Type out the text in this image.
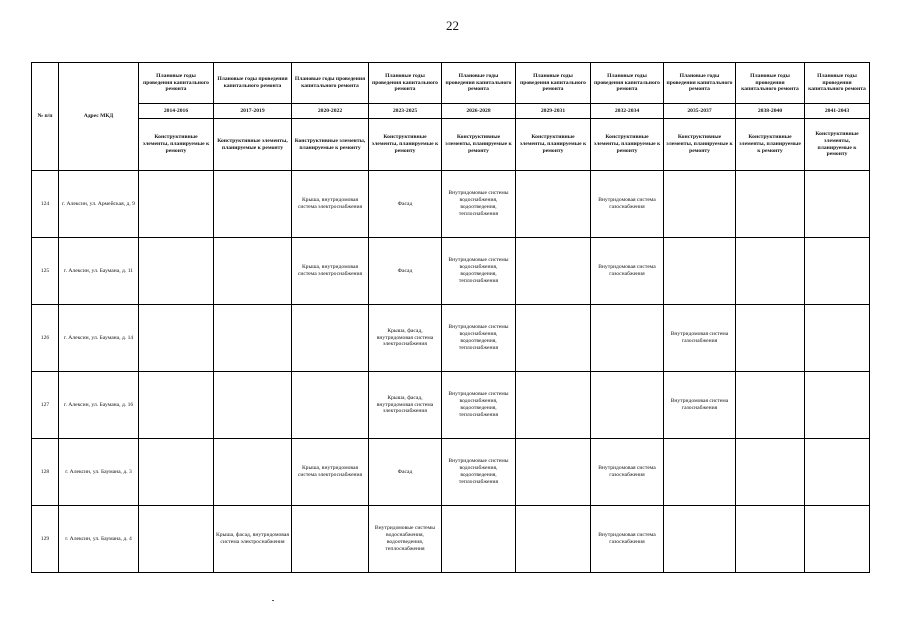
22
№ п/п	Адрес МКД	Плановые годы проведения капитального ремонта	Плановые годы проведения капитального ремонта	Плановые годы проведения капитального ремонта	Плановые годы проведения капитального ремонта	Плановые годы проведения капитального ремонта	Плановые годы проведения капитального ремонта	Плановые годы проведения капитального ремонта	Плановые годы проведения капитального ремонта	Плановые годы проведения капитального ремонта	Плановые годы проведения капитального ремонта
		2014-2016	2017-2019	2020-2022	2023-2025	2026-2028	2029-2031	2032-2034	2035-2037	2038-2040	2041-2043
		Конструктивные элементы, планируемые к ремонту	Конструктивные элементы, планируемые к ремонту	Конструктивные элементы, планируемые к ремонту	Конструктивные элементы, планируемые к ремонту	Конструктивные элементы, планируемые к ремонту	Конструктивные элементы, планируемые к ремонту	Конструктивные элементы, планируемые к ремонту	Конструктивные элементы, планируемые к ремонту	Конструктивные элементы, планируемые к ремонту	Конструктивные элементы, планируемые к ремонту
124	г. Алексин, ул. Армейская, д. 9			Крыша, внутридомовая система электроснабжения	Фасад	Внутридомовые системы водоснабжения, водоотведения, теплоснабжения		Внутридомовая система газоснабжения			
125	г. Алексин, ул. Баумана, д. 11			Крыша, внутридомовая система электроснабжения	Фасад	Внутридомовые системы водоснабжения, водоотведения, теплоснабжения		Внутридомовая система газоснабжения			
126	г. Алексин, ул. Баумана, д. 14				Крыша, фасад, внутридомовая система электроснабжения	Внутридомовые системы водоснабжения, водоотведения, теплоснабжения			Внутридомовая система газоснабжения		
127	г. Алексин, ул. Баумана, д. 16				Крыша, фасад, внутридомовая система электроснабжения	Внутридомовые системы водоснабжения, водоотведения, теплоснабжения			Внутридомовая система газоснабжения		
128	г. Алексин, ул. Баумана, д. 3			Крыша, внутридомовая система электроснабжения	Фасад	Внутридомовые системы водоснабжения, водоотведения, теплоснабжения		Внутридомовая система газоснабжения			
129	г. Алексин, ул. Баумана, д. 4		Крыша, фасад, внутридомовая система электроснабжения		Внутридомовые системы водоснабжения, водоотведения, теплоснабжения			Внутридомовая система газоснабжения			
